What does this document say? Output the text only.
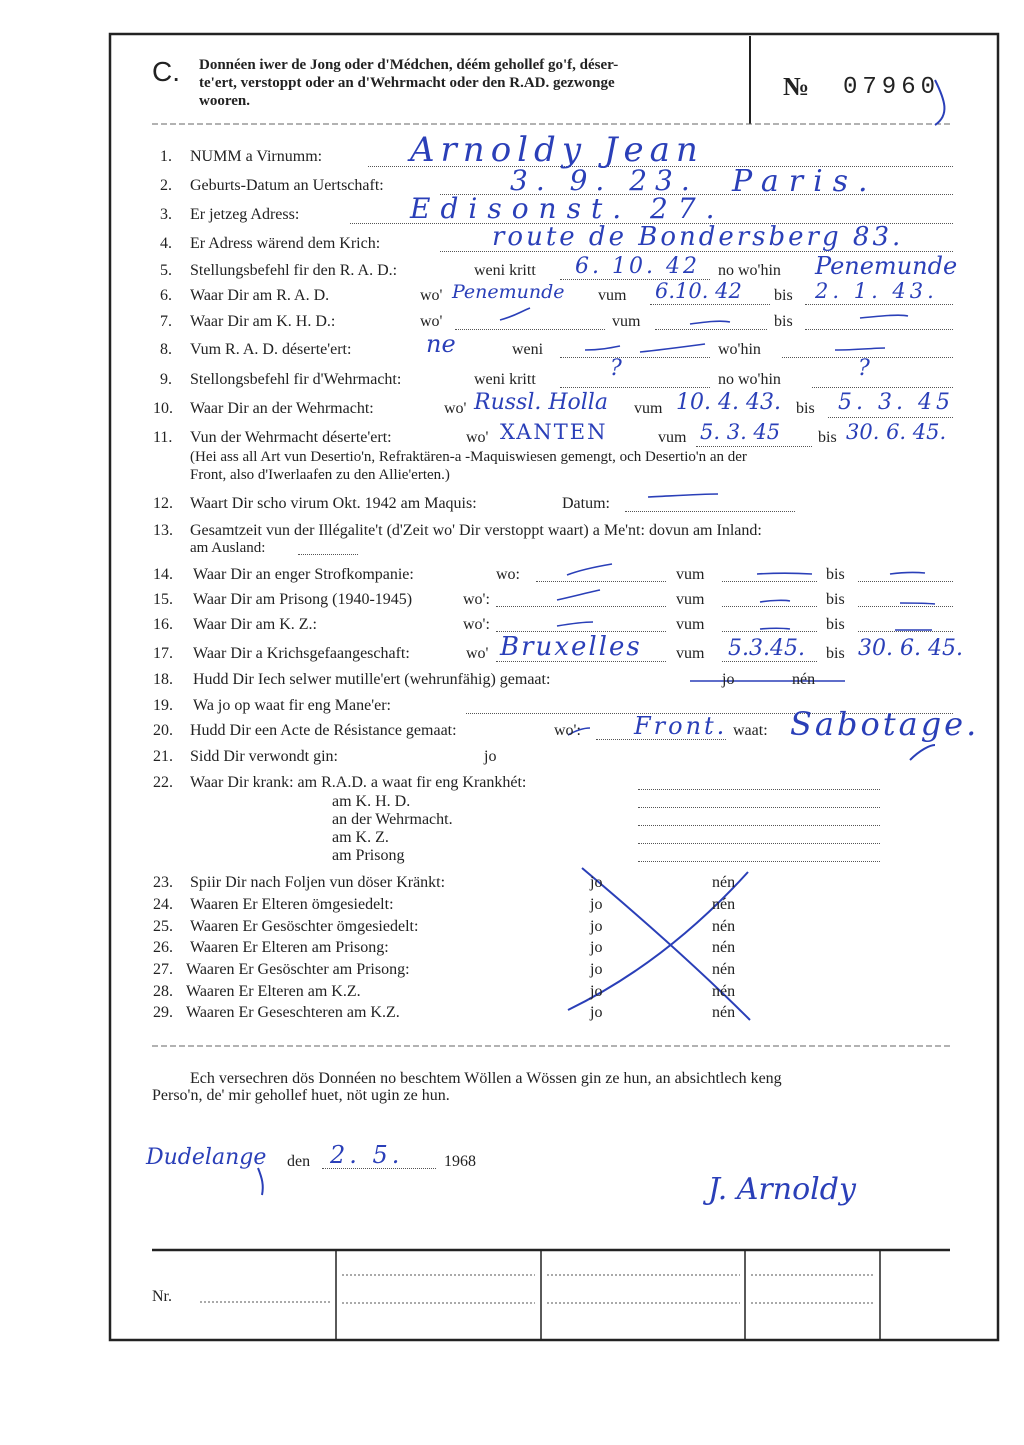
C. Donnéen iwer de Jong oder d'Médchen, déém gehollef go'f, déser-
te'ert, verstoppt oder an d'Wehrmacht oder den R.AD. gezwonge
wooren.	№ 07960
1. NUMM a Virnumm:	Arnoldy Jean
2. Geburts-Datum an Uertschaft:	3. 9. 23. Paris.
3. Er jetzeg Adress:	Edisonst. 27.
4. Er Adress wärend dem Krich:	route de Bondersberg 83.
5. Stellungsbefehl fir den R. A. D.:	weni kritt 6. 10. 42 no wo'hin Penemunde
6. Waar Dir am R. A. D.	wo' Penemunde vum 6.10. 42 bis 2. 1. 43.
7. Waar Dir am K. H. D.:	wo'	vum	bis
8. Vum R. A. D. déserte'ert:	ne	weni	wo'hin
9. Stellongsbefehl fir d'Wehrmacht:	weni kritt	?	no wo'hin	?
10. Waar Dir an der Wehrmacht:	wo' Russl. Holla vum 10. 4. 43. bis 5. 3. 45
11. Vun der Wehrmacht déserte'ert:	wo' XANTEN	vum 5. 3. 45 bis 30. 6. 45.
(Hei ass all Art vun Desertio'n, Refraktären-a -Maquiswiesen gemengt, och Desertio'n an der
Front, also d'Iwerlaafen zu den Allie'erten.)
12. Waart Dir scho virum Okt. 1942 am Maquis:	Datum:
13. Gesamtzeit vun der Illégalite't (d'Zeit wo' Dir verstoppt waart) a Me'nt: dovun am Inland:
am Ausland:
14. Waar Dir an enger Strofkompanie:	wo:	vum	bis
15. Waar Dir am Prisong (1940-1945)	wo':	vum	bis
16. Waar Dir am K. Z.:	wo':	vum	bis
17. Waar Dir a Krichsgefaangeschaft:	wo' Bruxelles vum 5.3.45. bis 30. 6. 45.
18. Hudd Dir Iech selwer mutille'ert (wehrunfähig) gemaat:	jo	nén
19. Wa jo op waat fir eng Mane'er:
20. Hudd Dir een Acte de Résistance gemaat:	wo': Front. waat: Sabotage.
21. Sidd Dir verwondt gin:	jo
22. Waar Dir krank: am R.A.D. a waat fir eng Krankhét:
am K. H. D.
an der Wehrmacht.
am K. Z.
am Prisong
23. Spiir Dir nach Foljen vun döser Kränkt:	jo	nén
24. Waaren Er Elteren ömgesiedelt:	jo	nén
25. Waaren Er Gesöschter ömgesiedelt:	jo	nén
26. Waaren Er Elteren am Prisong:	jo	nén
27. Waaren Er Gesöschter am Prisong:	jo	nén
28. Waaren Er Elteren am K.Z.	jo	nén
29. Waaren Er Geseschteren am K.Z.	jo	nén
Ech versechren dös Donnéen no beschtem Wöllen a Wössen gin ze hun, an absichtlech keng
Perso'n, de' mir gehollef huet, nöt ugin ze hun.
Dudelange den 2. 5.	1968
J. Arnoldy
Nr.
